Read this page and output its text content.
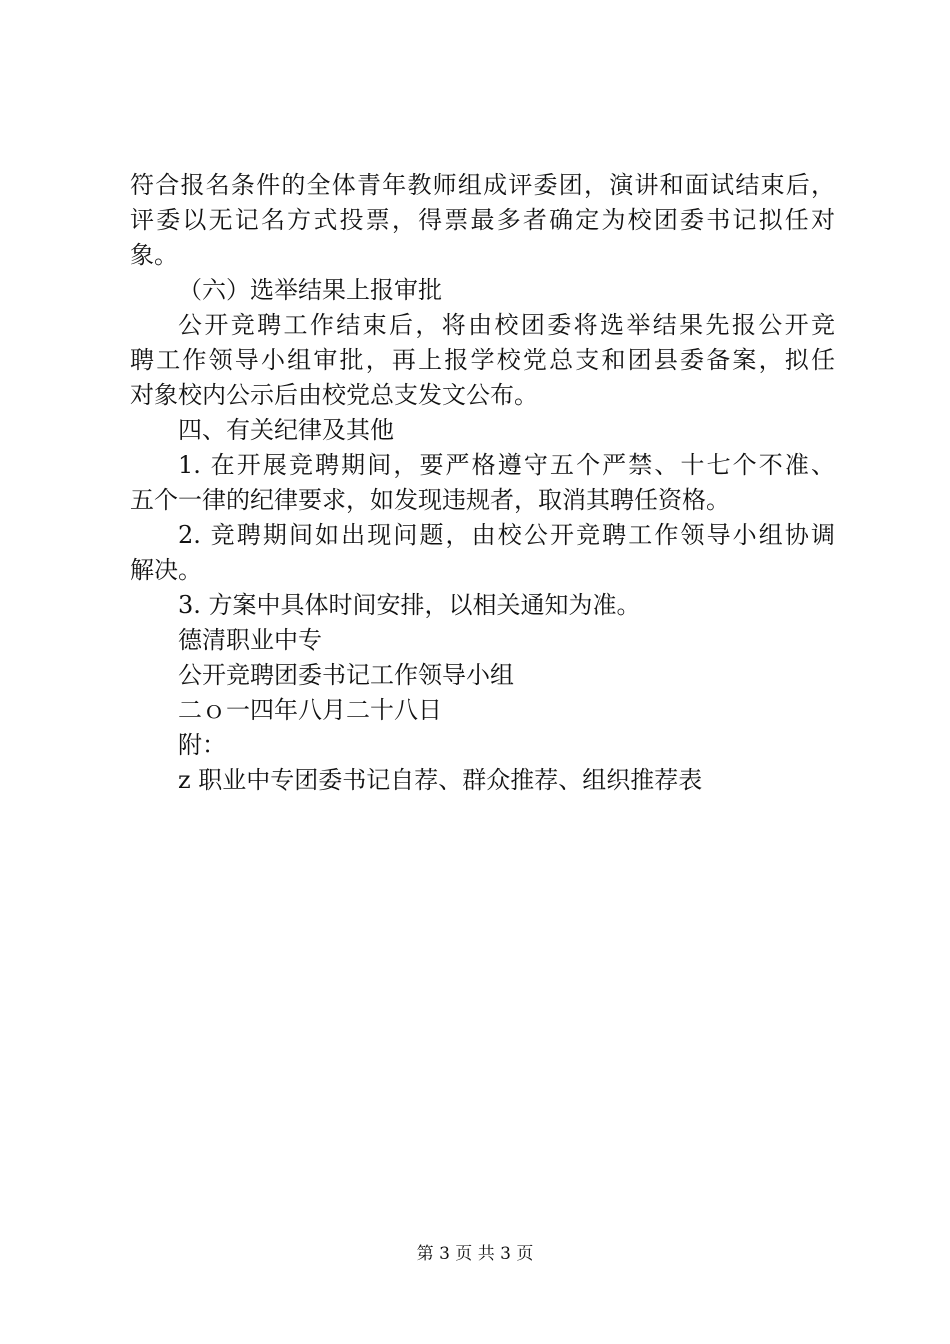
符合报名条件的全体青年教师组成评委团，演讲和面试结束后，

评委以无记名方式投票，得票最多者确定为校团委书记拟任对

象。

（六）选举结果上报审批

公开竞聘工作结束后，将由校团委将选举结果先报公开竞

聘工作领导小组审批，再上报学校党总支和团县委备案，拟任

对象校内公示后由校党总支发文公布。

四、有关纪律及其他

1. 在开展竞聘期间，要严格遵守五个严禁、十七个不准、

五个一律的纪律要求，如发现违规者，取消其聘任资格。

2. 竞聘期间如出现问题，由校公开竞聘工作领导小组协调

解决。

3. 方案中具体时间安排，以相关通知为准。

德清职业中专

公开竞聘团委书记工作领导小组

二ｏ一四年八月二十八日

附：

z 职业中专团委书记自荐、群众推荐、组织推荐表

第 3 页 共 3 页
